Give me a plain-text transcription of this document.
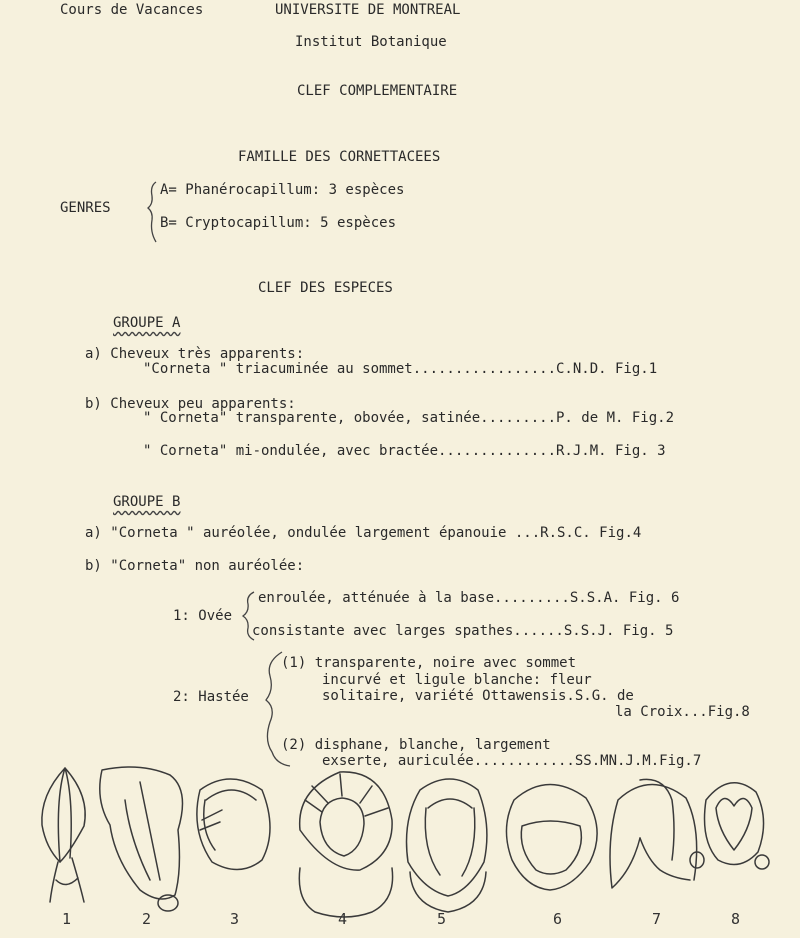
Cours de Vacances	UNIVERSITE DE MONTREAL
Institut Botanique
CLEF COMPLEMENTAIRE
FAMILLE DES CORNETTACEES
GENRES
A= Phanérocapillum: 3 espèces
B= Cryptocapillum: 5 espèces
CLEF DES ESPECES
GROUPE A
a) Cheveux très apparents:
"Corneta " triacuminée au sommet.................C.N.D. Fig.1
b) Cheveux peu apparents:
" Corneta" transparente, obovée, satinée.........P. de M. Fig.2
" Corneta" mi-ondulée, avec bractée..............R.J.M. Fig. 3
GROUPE B
a) "Corneta " auréolée, ondulée largement épanouie ...R.S.C. Fig.4
b) "Corneta" non auréolée:
1: Ovée
enroulée, atténuée à la base.........S.S.A. Fig. 6
consistante avec larges spathes......S.S.J. Fig. 5
2: Hastée
(1) transparente, noire avec sommet
incurvé et ligule blanche: fleur
solitaire, variété Ottawensis.S.G. de
la Croix...Fig.8
(2) disphane, blanche, largement
exserte, auriculée............SS.MN.J.M.Fig.7
1	2	3	4	5	6	7	8
